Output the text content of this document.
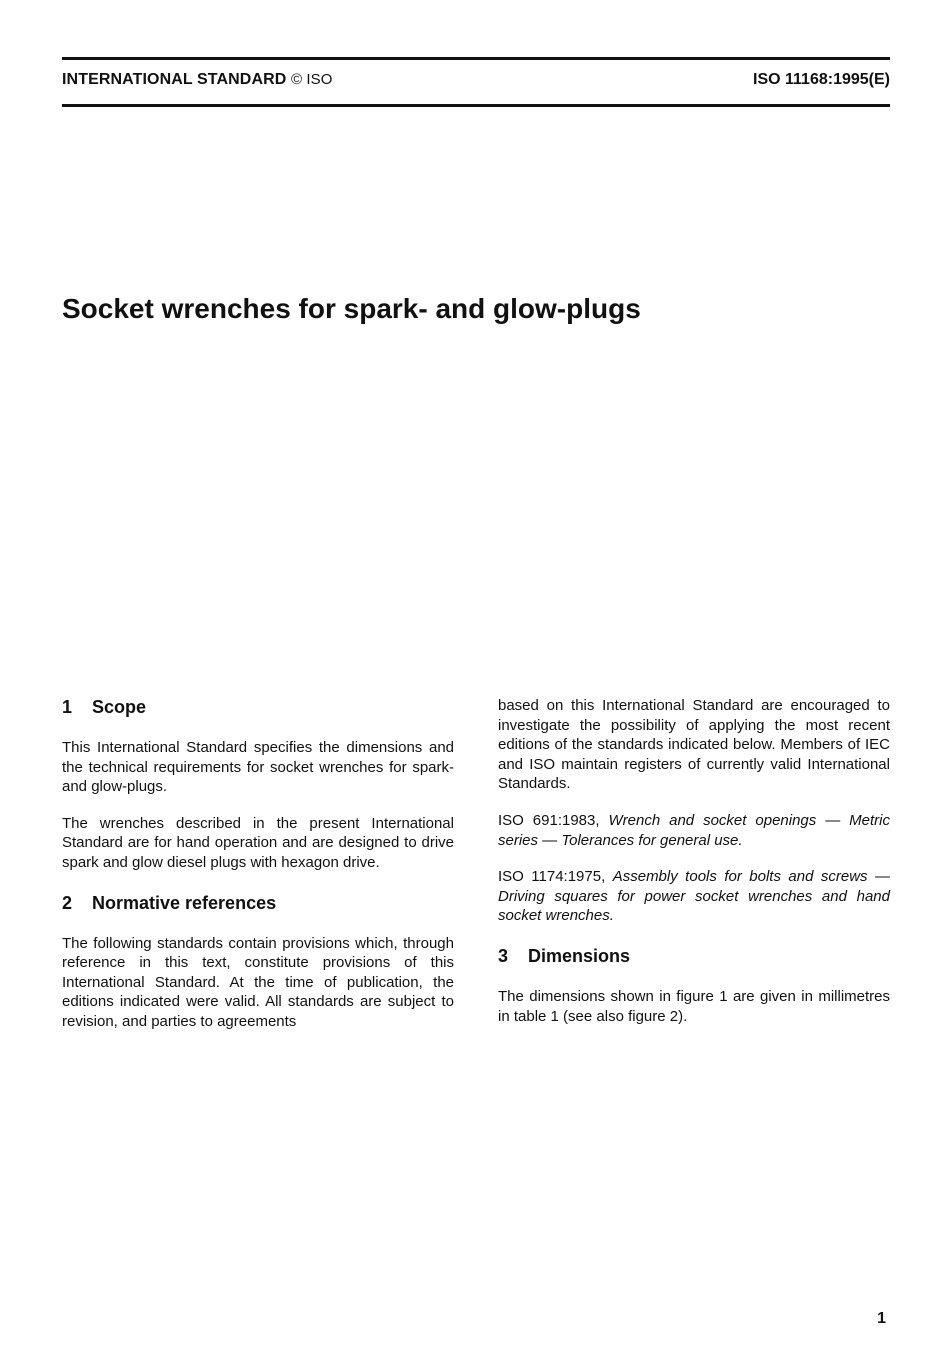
INTERNATIONAL STANDARD © ISO	ISO 11168:1995(E)
Socket wrenches for spark- and glow-plugs
1 Scope

This International Standard specifies the dimensions and the technical requirements for socket wrenches for spark- and glow-plugs.

The wrenches described in the present International Standard are for hand operation and are designed to drive spark and glow diesel plugs with hexagon drive.

2 Normative references

The following standards contain provisions which, through reference in this text, constitute provisions of this International Standard. At the time of publication, the editions indicated were valid. All standards are subject to revision, and parties to agreements

based on this International Standard are encouraged to investigate the possibility of applying the most recent editions of the standards indicated below. Members of IEC and ISO maintain registers of currently valid International Standards.

ISO 691:1983, Wrench and socket openings — Metric series — Tolerances for general use.

ISO 1174:1975, Assembly tools for bolts and screws — Driving squares for power socket wrenches and hand socket wrenches.

3 Dimensions

The dimensions shown in figure 1 are given in millimetres in table 1 (see also figure 2).

1
